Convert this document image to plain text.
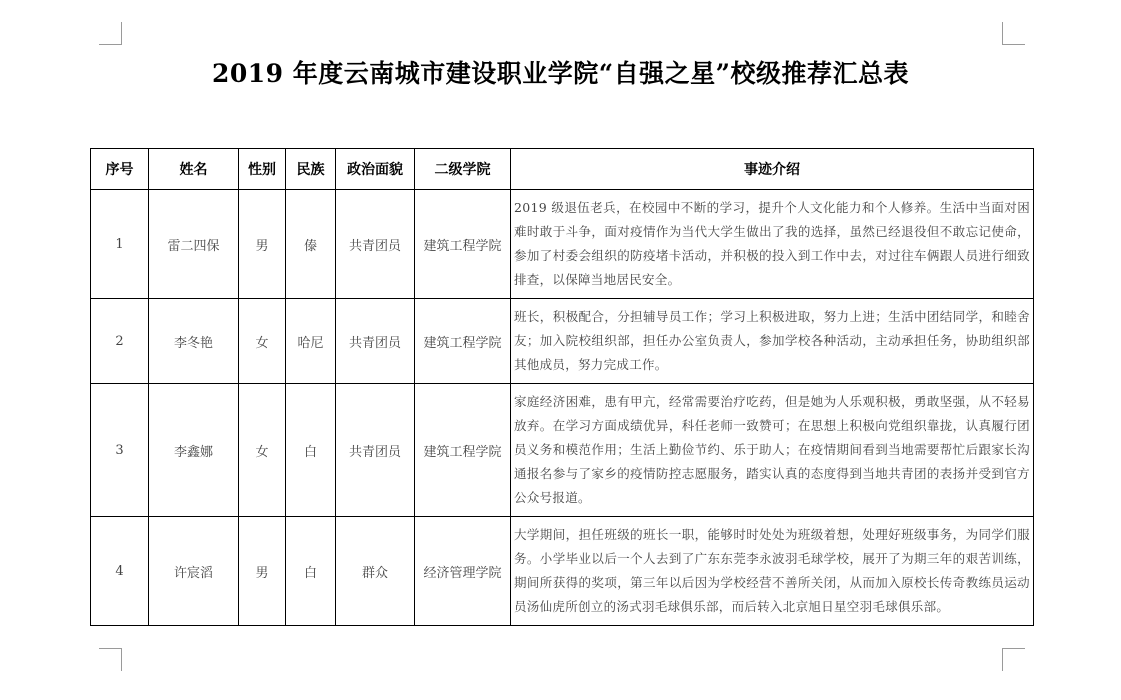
2019 年度云南城市建设职业学院“自强之星”校级推荐汇总表
序号	姓名	性别	民族	政治面貌	二级学院	事迹介绍
1	雷二四保	男	傣	共青团员	建筑工程学院	2019 级退伍老兵，在校园中不断的学习，提升个人文化能力和个人修养。生活中当面对困难时敢于斗争，面对疫情作为当代大学生做出了我的选择，虽然已经退役但不敢忘记使命，参加了村委会组织的防疫堵卡活动，并积极的投入到工作中去，对过往车俩跟人员进行细致排查，以保障当地居民安全。
2	李冬艳	女	哈尼	共青团员	建筑工程学院	班长，积极配合，分担辅导员工作；学习上积极进取，努力上进；生活中团结同学，和睦舍友；加入院校组织部，担任办公室负责人，参加学校各种活动，主动承担任务，协助组织部其他成员，努力完成工作。
3	李鑫娜	女	白	共青团员	建筑工程学院	家庭经济困难，患有甲亢，经常需要治疗吃药，但是她为人乐观积极，勇敢坚强，从不轻易放弃。在学习方面成绩优异，科任老师一致赞可；在思想上积极向党组织靠拢，认真履行团员义务和模范作用；生活上勤俭节约、乐于助人；在疫情期间看到当地需要帮忙后跟家长沟通报名参与了家乡的疫情防控志愿服务，踏实认真的态度得到当地共青团的表扬并受到官方公众号报道。
4	许宸滔	男	白	群众	经济管理学院	大学期间，担任班级的班长一职，能够时时处处为班级着想，处理好班级事务，为同学们服务。小学毕业以后一个人去到了广东东莞李永波羽毛球学校，展开了为期三年的艰苦训练，期间所获得的奖项，第三年以后因为学校经营不善所关闭，从而加入原校长传奇教练员运动员汤仙虎所创立的汤式羽毛球俱乐部，而后转入北京旭日星空羽毛球俱乐部。
